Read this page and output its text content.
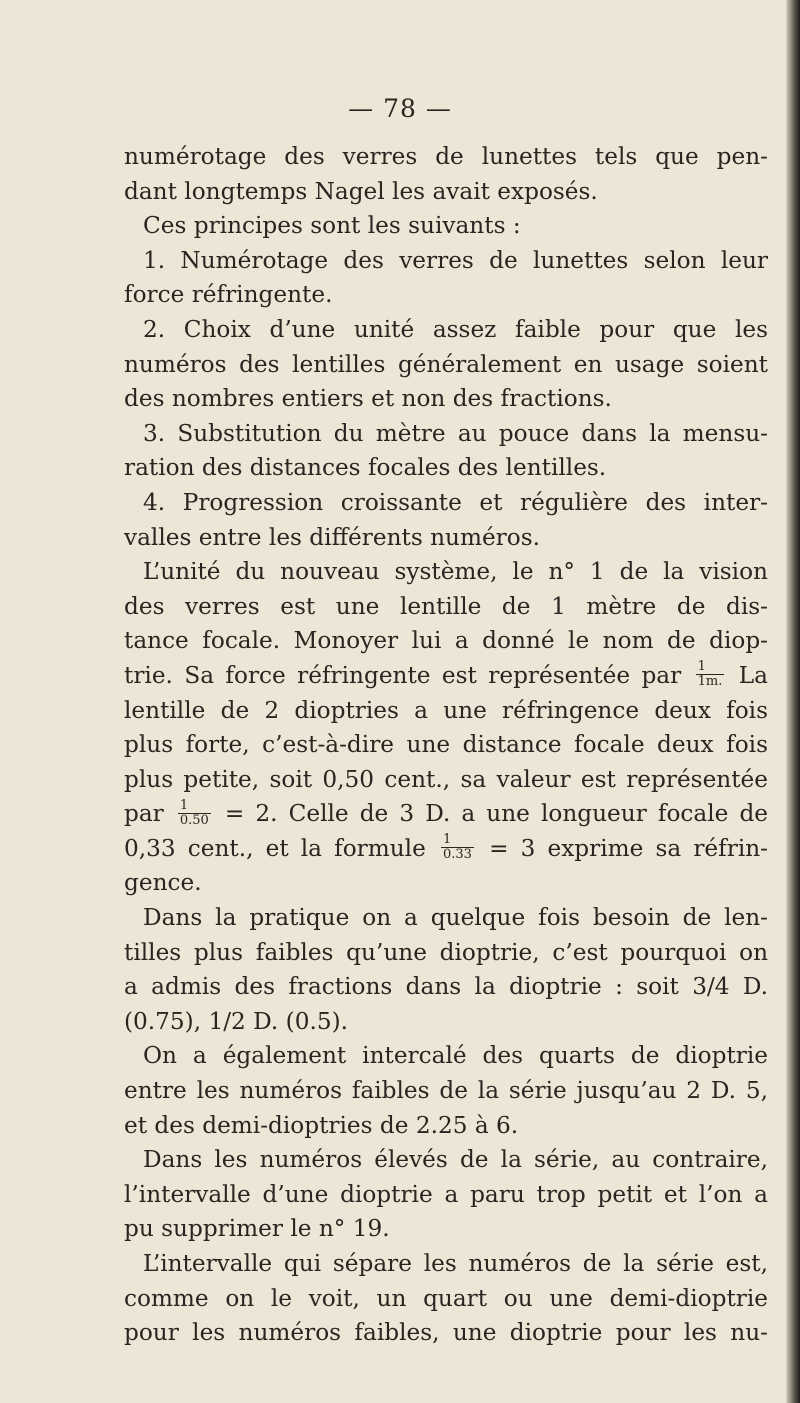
— 78 —
numérotage des verres de lunettes tels que pen-
dant longtemps Nagel les avait exposés.
Ces principes sont les suivants :
1. Numérotage des verres de lunettes selon leur
force réfringente.
2. Choix d’une unité assez faible pour que les
numéros des lentilles généralement en usage soient
des nombres entiers et non des fractions.
3. Substitution du mètre au pouce dans la mensu-
ration des distances focales des lentilles.
4. Progression croissante et régulière des inter-
valles entre les différents numéros.
L’unité du nouveau système, le n° 1 de la vision
des verres est une lentille de 1 mètre de dis-
tance focale. Monoyer lui a donné le nom de diop-
trie. Sa force réfringente est représentée par $\frac{1}{1m.}$ La
lentille de 2 dioptries a une réfringence deux fois
plus forte, c’est-à-dire une distance focale deux fois
plus petite, soit 0,50 cent., sa valeur est représentée
par $\frac{1}{0.50} = 2$. Celle de 3 D. a une longueur focale de
0,33 cent., et la formule $\frac{1}{0.33} = 3$ exprime sa réfrin-
gence.
Dans la pratique on a quelque fois besoin de len-
tilles plus faibles qu’une dioptrie, c’est pourquoi on
a admis des fractions dans la dioptrie : soit 3/4 D.
(0.75), 1/2 D. (0.5).
On a également intercalé des quarts de dioptrie
entre les numéros faibles de la série jusqu’au 2 D. 5,
et des demi-dioptries de 2.25 à 6.
Dans les numéros élevés de la série, au contraire,
l’intervalle d’une dioptrie a paru trop petit et l’on a
pu supprimer le n° 19.
L’intervalle qui sépare les numéros de la série est,
comme on le voit, un quart ou une demi-dioptrie
pour les numéros faibles, une dioptrie pour les nu-
